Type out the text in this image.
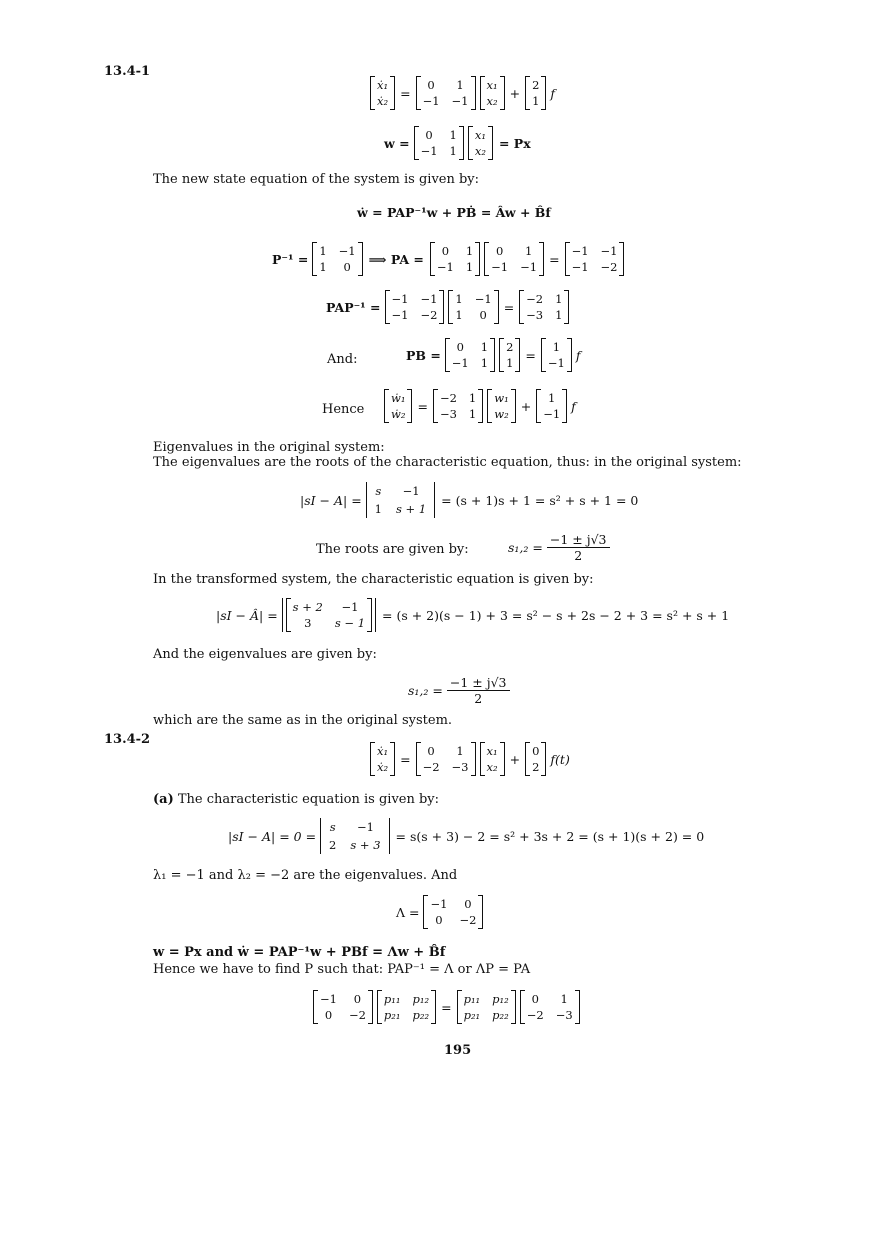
13.4-1
ẋ₁
ẋ₂
=
0	1
−1 −1
x₁
x₂
+
2
1
f
w =
0	1
−1 1
x₁
x₂
= Px
The new state equation of the system is given by:
ẇ = PAP⁻¹w + PḂ = Âw + B̂f
P⁻¹ =
1 −1
1	0
⟹ PA =
0	1
−1 1
0	1
−1 −1
=
−1 −1
−1 −2
PAP⁻¹ =
−1 −1
−1 −2
1 −1
1	0
=
−2 1
−3 1
And:	PB =
0	1
−1 1
2
1
=
1
−1
f
Hence
ẇ₁
ẇ₂
=
−2 1
−3 1
w₁
w₂
+
1
−1
f
Eigenvalues in the original system:
The eigenvalues are the roots of the characteristic equation, thus: in the original system:
|sI − A| =
s	−1
1 s + 1
= (s + 1)s + 1 = s² + s + 1 = 0
The roots are given by:	$s_1,_2 = \frac{-1 \pm j√3}{2}$
In the transformed system, the characteristic equation is given by:
|sI − Â| =
s + 2	−1
3	s − 1
= (s + 2)(s − 1) + 3 = s² − s + 2s − 2 + 3 = s² + s + 1
And the eigenvalues are given by:
$s_1,_2 = \frac{-1 \pm j√3}{2}$
which are the same as in the original system.
13.4-2
ẋ₁
ẋ₂
=
0	1
−2 −3
x₁
x₂
+
0
2
f(t)
(a) The characteristic equation is given by:
|sI − A| = 0 =
s	−1
2 s + 3
= s(s + 3) − 2 = s² + 3s + 2 = (s + 1)(s + 2) = 0
λ₁ = −1 and λ₂ = −2 are the eigenvalues. And
Λ =
−1	0
0	−2
w = Px and ẇ = PAP⁻¹w + PBf = Λw + B̂f
Hence we have to find P such that: PAP⁻¹ = Λ or ΛP = PA
−1	0
0	−2
p₁₁ p₁₂
p₂₁ p₂₂
=
p₁₁ p₁₂
p₂₁ p₂₂
0	1
−2 −3
195
